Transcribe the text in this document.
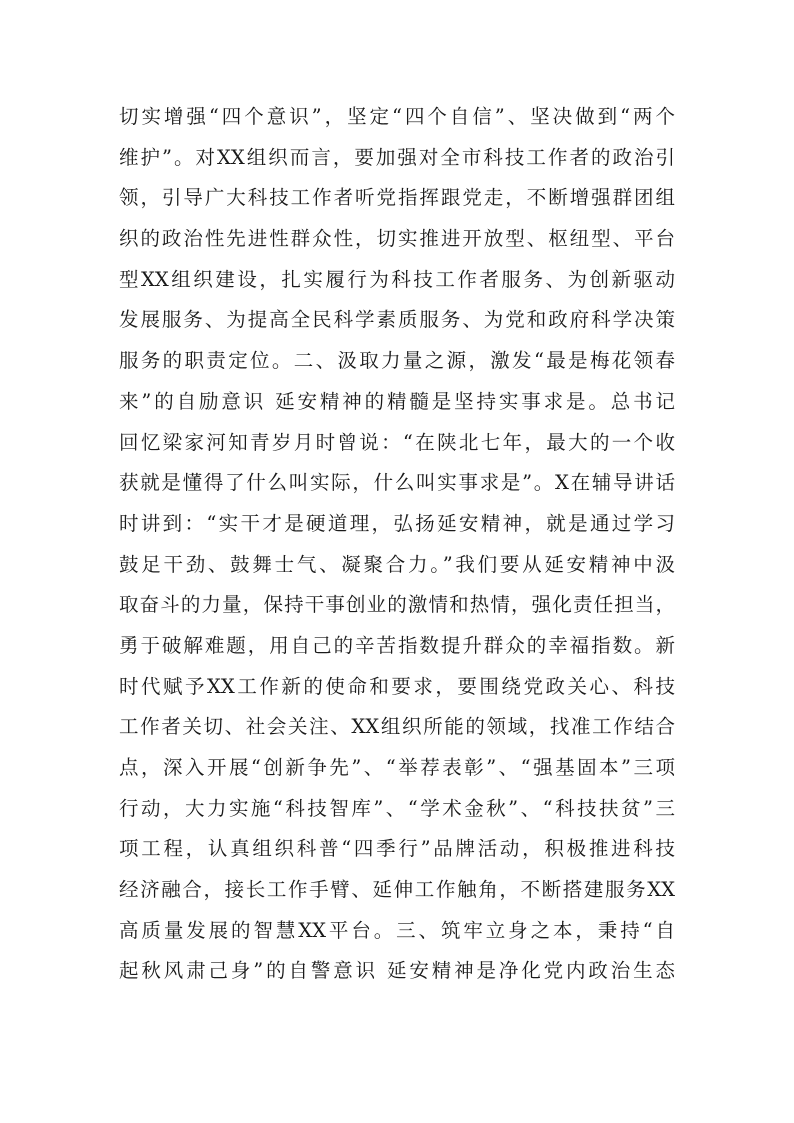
切实增强“四个意识”，坚定“四个自信”、坚决做到“两个
维护”。对XX组织而言，要加强对全市科技工作者的政治引
领，引导广大科技工作者听党指挥跟党走，不断增强群团组
织的政治性先进性群众性，切实推进开放型、枢纽型、平台
型XX组织建设，扎实履行为科技工作者服务、为创新驱动
发展服务、为提高全民科学素质服务、为党和政府科学决策
服务的职责定位。二、汲取力量之源，激发“最是梅花领春
来”的自励意识 延安精神的精髓是坚持实事求是。总书记
回忆梁家河知青岁月时曾说：“在陕北七年，最大的一个收
获就是懂得了什么叫实际，什么叫实事求是”。X在辅导讲话
时讲到：“实干才是硬道理，弘扬延安精神，就是通过学习
鼓足干劲、鼓舞士气、凝聚合力。”我们要从延安精神中汲
取奋斗的力量，保持干事创业的激情和热情，强化责任担当，
勇于破解难题，用自己的辛苦指数提升群众的幸福指数。新
时代赋予XX工作新的使命和要求，要围绕党政关心、科技
工作者关切、社会关注、XX组织所能的领域，找准工作结合
点，深入开展“创新争先”、“举荐表彰”、“强基固本”三项
行动，大力实施“科技智库”、“学术金秋”、“科技扶贫”三
项工程，认真组织科普“四季行”品牌活动，积极推进科技
经济融合，接长工作手臂、延伸工作触角，不断搭建服务XX
高质量发展的智慧XX平台。三、筑牢立身之本，秉持“自
起秋风肃己身”的自警意识 延安精神是净化党内政治生态
